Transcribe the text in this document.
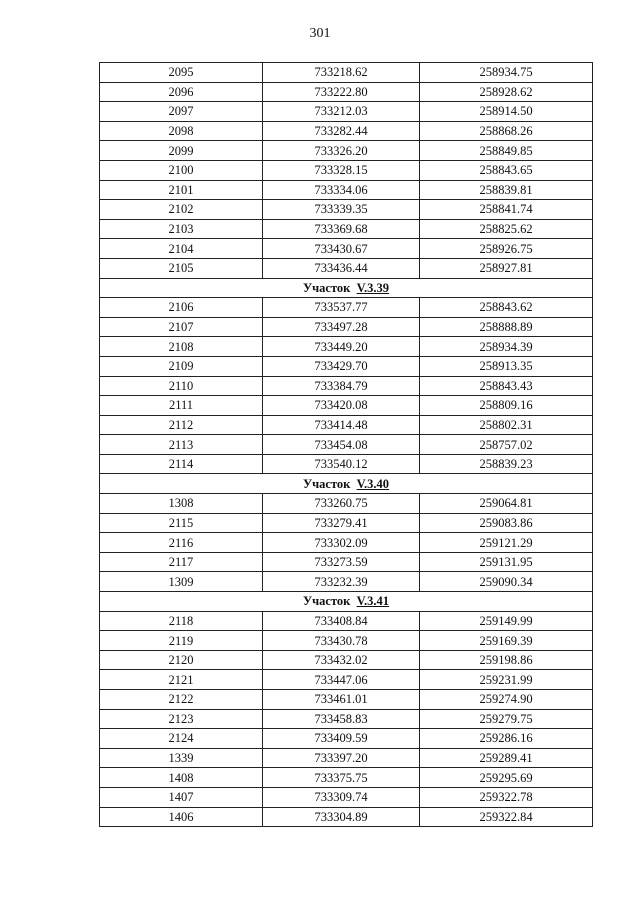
301
2095	733218.62	258934.75
2096	733222.80	258928.62
2097	733212.03	258914.50
2098	733282.44	258868.26
2099	733326.20	258849.85
2100	733328.15	258843.65
2101	733334.06	258839.81
2102	733339.35	258841.74
2103	733369.68	258825.62
2104	733430.67	258926.75
2105	733436.44	258927.81
Участок V.3.39		
2106	733537.77	258843.62
2107	733497.28	258888.89
2108	733449.20	258934.39
2109	733429.70	258913.35
2110	733384.79	258843.43
2111	733420.08	258809.16
2112	733414.48	258802.31
2113	733454.08	258757.02
2114	733540.12	258839.23
Участок V.3.40		
1308	733260.75	259064.81
2115	733279.41	259083.86
2116	733302.09	259121.29
2117	733273.59	259131.95
1309	733232.39	259090.34
Участок V.3.41		
2118	733408.84	259149.99
2119	733430.78	259169.39
2120	733432.02	259198.86
2121	733447.06	259231.99
2122	733461.01	259274.90
2123	733458.83	259279.75
2124	733409.59	259286.16
1339	733397.20	259289.41
1408	733375.75	259295.69
1407	733309.74	259322.78
1406	733304.89	259322.84
